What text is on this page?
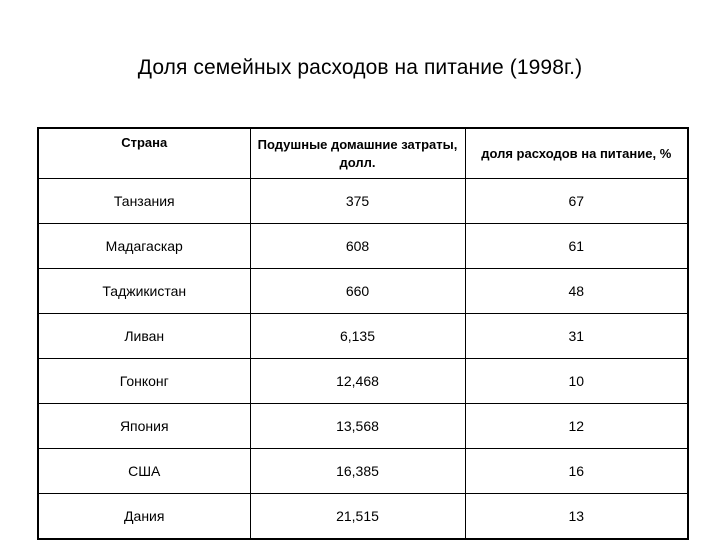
Доля семейных расходов на питание (1998г.)
Страна	Подушные домашние затраты, долл.	доля расходов на питание, %
Танзания	375	67
Мадагаскар	608	61
Таджикистан	660	48
Ливан	6,135	31
Гонконг	12,468	10
Япония	13,568	12
США	16,385	16
Дания	21,515	13
